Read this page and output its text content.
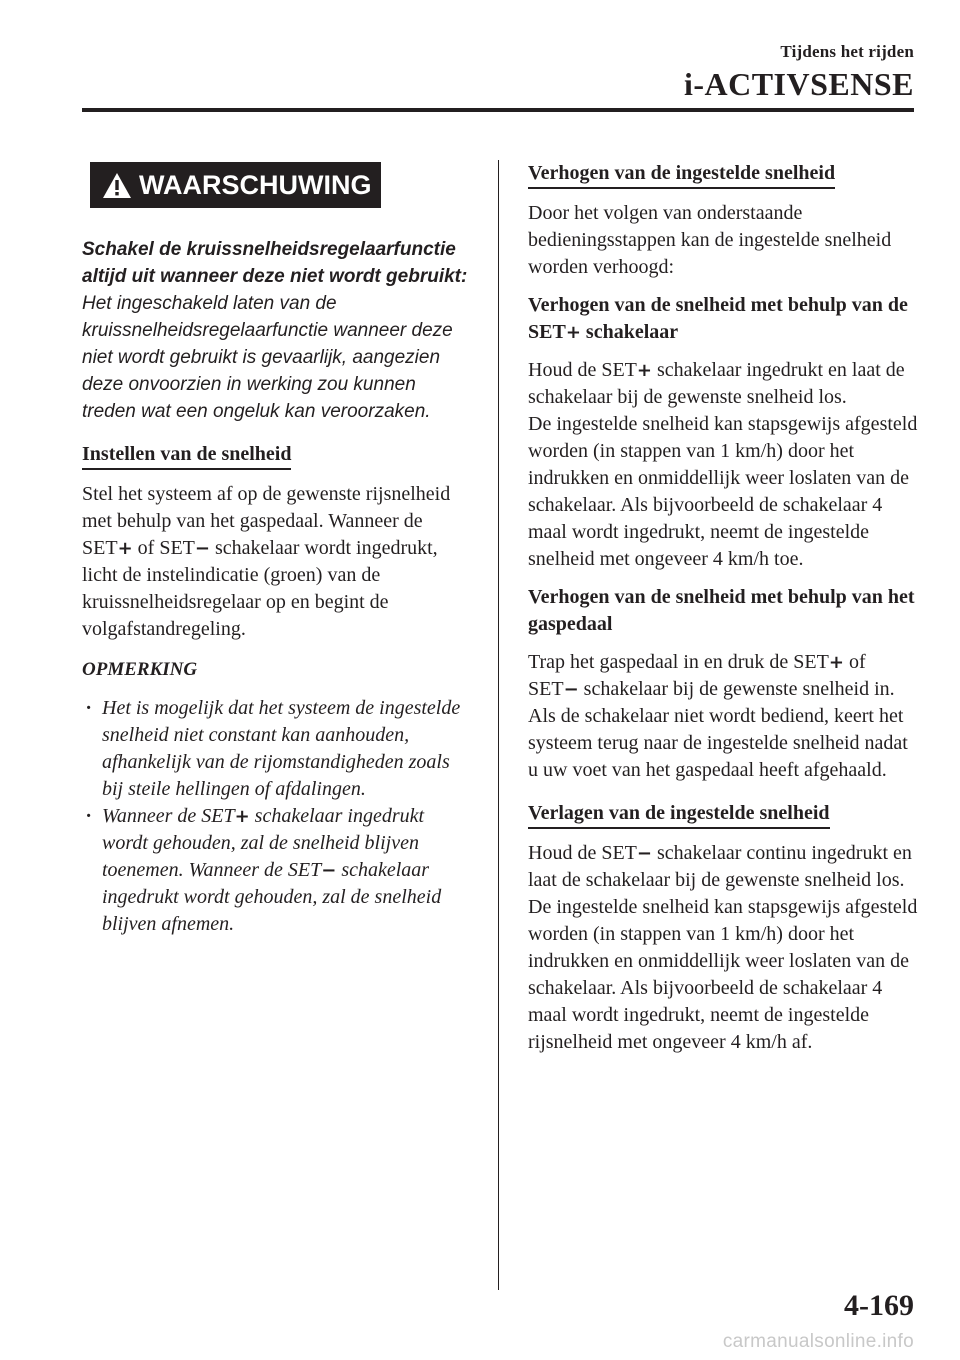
Tijdens het rijden
i-ACTIVSENSE
WAARSCHUWING
Schakel de kruissnelheidsregelaarfunctie altijd uit wanneer deze niet wordt gebruikt: Het ingeschakeld laten van de kruissnelheidsregelaarfunctie wanneer deze niet wordt gebruikt is gevaarlijk, aangezien deze onvoorzien in werking zou kunnen treden wat een ongeluk kan veroorzaken.
Instellen van de snelheid

Stel het systeem af op de gewenste rijsnelheid met behulp van het gaspedaal. Wanneer de SET+ of SET− schakelaar wordt ingedrukt, licht de instelindicatie (groen) van de kruissnelheidsregelaar op en begint de volgafstandregeling.

OPMERKING
· Het is mogelijk dat het systeem de ingestelde snelheid niet constant kan aanhouden, afhankelijk van de rijomstandigheden zoals bij steile hellingen of afdalingen.
· Wanneer de SET+ schakelaar ingedrukt wordt gehouden, zal de snelheid blijven toenemen. Wanneer de SET− schakelaar ingedrukt wordt gehouden, zal de snelheid blijven afnemen.
Verhogen van de ingestelde snelheid

Door het volgen van onderstaande bedieningsstappen kan de ingestelde snelheid worden verhoogd:

Verhogen van de snelheid met behulp van de SET+ schakelaar

Houd de SET+ schakelaar ingedrukt en laat de schakelaar bij de gewenste snelheid los.

De ingestelde snelheid kan stapsgewijs afgesteld worden (in stappen van 1 km/h) door het indrukken en onmiddellijk weer loslaten van de schakelaar. Als bijvoorbeeld de schakelaar 4 maal wordt ingedrukt, neemt de ingestelde snelheid met ongeveer 4 km/h toe.

Verhogen van de snelheid met behulp van het gaspedaal

Trap het gaspedaal in en druk de SET+ of SET− schakelaar bij de gewenste snelheid in.

Als de schakelaar niet wordt bediend, keert het systeem terug naar de ingestelde snelheid nadat u uw voet van het gaspedaal heeft afgehaald.

Verlagen van de ingestelde snelheid

Houd de SET− schakelaar continu ingedrukt en laat de schakelaar bij de gewenste snelheid los.

De ingestelde snelheid kan stapsgewijs afgesteld worden (in stappen van 1 km/h) door het indrukken en onmiddellijk weer loslaten van de schakelaar. Als bijvoorbeeld de schakelaar 4 maal wordt ingedrukt, neemt de ingestelde rijsnelheid met ongeveer 4 km/h af.

4-169
carmanualsonline.info
